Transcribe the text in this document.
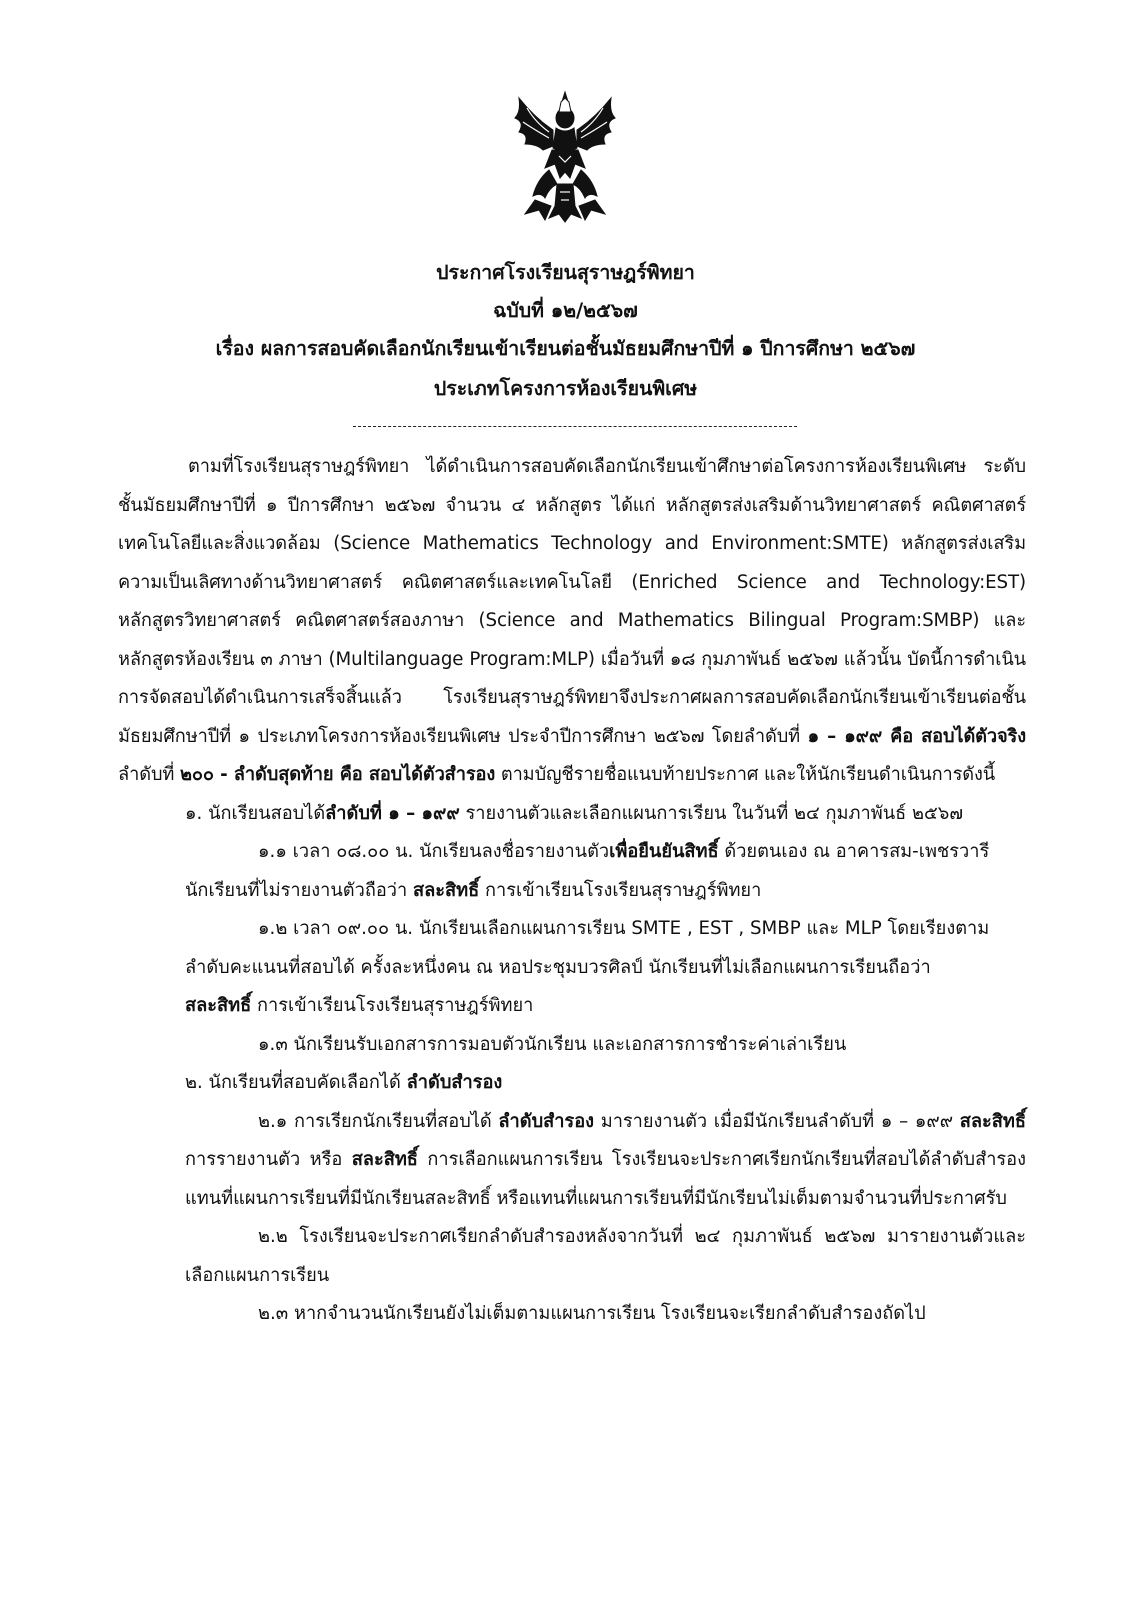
ประกาศโรงเรียนสุราษฎร์พิทยา
ฉบับที่ ๑๒/๒๕๖๗
เรื่อง ผลการสอบคัดเลือกนักเรียนเข้าเรียนต่อชั้นมัธยมศึกษาปีที่ ๑ ปีการศึกษา ๒๕๖๗
ประเภทโครงการห้องเรียนพิเศษ

ตามที่โรงเรียนสุราษฎร์พิทยา ได้ดำเนินการสอบคัดเลือกนักเรียนเข้าศึกษาต่อโครงการห้องเรียนพิเศษ ระดับชั้นมัธยมศึกษาปีที่ ๑ ปีการศึกษา ๒๕๖๗ จำนวน ๔ หลักสูตร ได้แก่ หลักสูตรส่งเสริมด้านวิทยาศาสตร์ คณิตศาสตร์ เทคโนโลยีและสิ่งแวดล้อม (Science Mathematics Technology and Environment:SMTE) หลักสูตรส่งเสริมความเป็นเลิศทางด้านวิทยาศาสตร์ คณิตศาสตร์และเทคโนโลยี (Enriched Science and Technology:EST) หลักสูตรวิทยาศาสตร์ คณิตศาสตร์สองภาษา (Science and Mathematics Bilingual Program:SMBP) และหลักสูตรห้องเรียน ๓ ภาษา (Multilanguage Program:MLP) เมื่อวันที่ ๑๘ กุมภาพันธ์ ๒๕๖๗ แล้วนั้น บัดนี้การดำเนินการจัดสอบได้ดำเนินการเสร็จสิ้นแล้ว โรงเรียนสุราษฎร์พิทยาจึงประกาศผลการสอบคัดเลือกนักเรียนเข้าเรียนต่อชั้นมัธยมศึกษาปีที่ ๑ ประเภทโครงการห้องเรียนพิเศษ ประจำปีการศึกษา ๒๕๖๗ โดยลำดับที่ ๑ – ๑๙๙ คือ สอบได้ตัวจริง ลำดับที่ ๒๐๐ - ลำดับสุดท้าย คือ สอบได้ตัวสำรอง ตามบัญชีรายชื่อแนบท้ายประกาศ และให้นักเรียนดำเนินการดังนี้

๑. นักเรียนสอบได้ลำดับที่ ๑ – ๑๙๙ รายงานตัวและเลือกแผนการเรียน ในวันที่ ๒๔ กุมภาพันธ์ ๒๕๖๗

๑.๑ เวลา ๐๘.๐๐ น. นักเรียนลงชื่อรายงานตัวเพื่อยืนยันสิทธิ์ ด้วยตนเอง ณ อาคารสม-เพชรวารี

นักเรียนที่ไม่รายงานตัวถือว่า สละสิทธิ์ การเข้าเรียนโรงเรียนสุราษฎร์พิทยา

๑.๒ เวลา ๐๙.๐๐ น. นักเรียนเลือกแผนการเรียน SMTE , EST , SMBP และ MLP โดยเรียงตาม

ลำดับคะแนนที่สอบได้ ครั้งละหนึ่งคน ณ หอประชุมบวรศิลป์ นักเรียนที่ไม่เลือกแผนการเรียนถือว่า

สละสิทธิ์ การเข้าเรียนโรงเรียนสุราษฎร์พิทยา

๑.๓ นักเรียนรับเอกสารการมอบตัวนักเรียน และเอกสารการชำระค่าเล่าเรียน

๒. นักเรียนที่สอบคัดเลือกได้ ลำดับสำรอง

๒.๑ การเรียกนักเรียนที่สอบได้ ลำดับสำรอง มารายงานตัว เมื่อมีนักเรียนลำดับที่ ๑ – ๑๙๙ สละสิทธิ์ การรายงานตัว หรือ สละสิทธิ์ การเลือกแผนการเรียน โรงเรียนจะประกาศเรียกนักเรียนที่สอบได้ลำดับสำรองแทนที่แผนการเรียนที่มีนักเรียนสละสิทธิ์ หรือแทนที่แผนการเรียนที่มีนักเรียนไม่เต็มตามจำนวนที่ประกาศรับ

๒.๒ โรงเรียนจะประกาศเรียกลำดับสำรองหลังจากวันที่ ๒๔ กุมภาพันธ์ ๒๕๖๗ มารายงานตัวและเลือกแผนการเรียน

๒.๓ หากจำนวนนักเรียนยังไม่เต็มตามแผนการเรียน โรงเรียนจะเรียกลำดับสำรองถัดไป
